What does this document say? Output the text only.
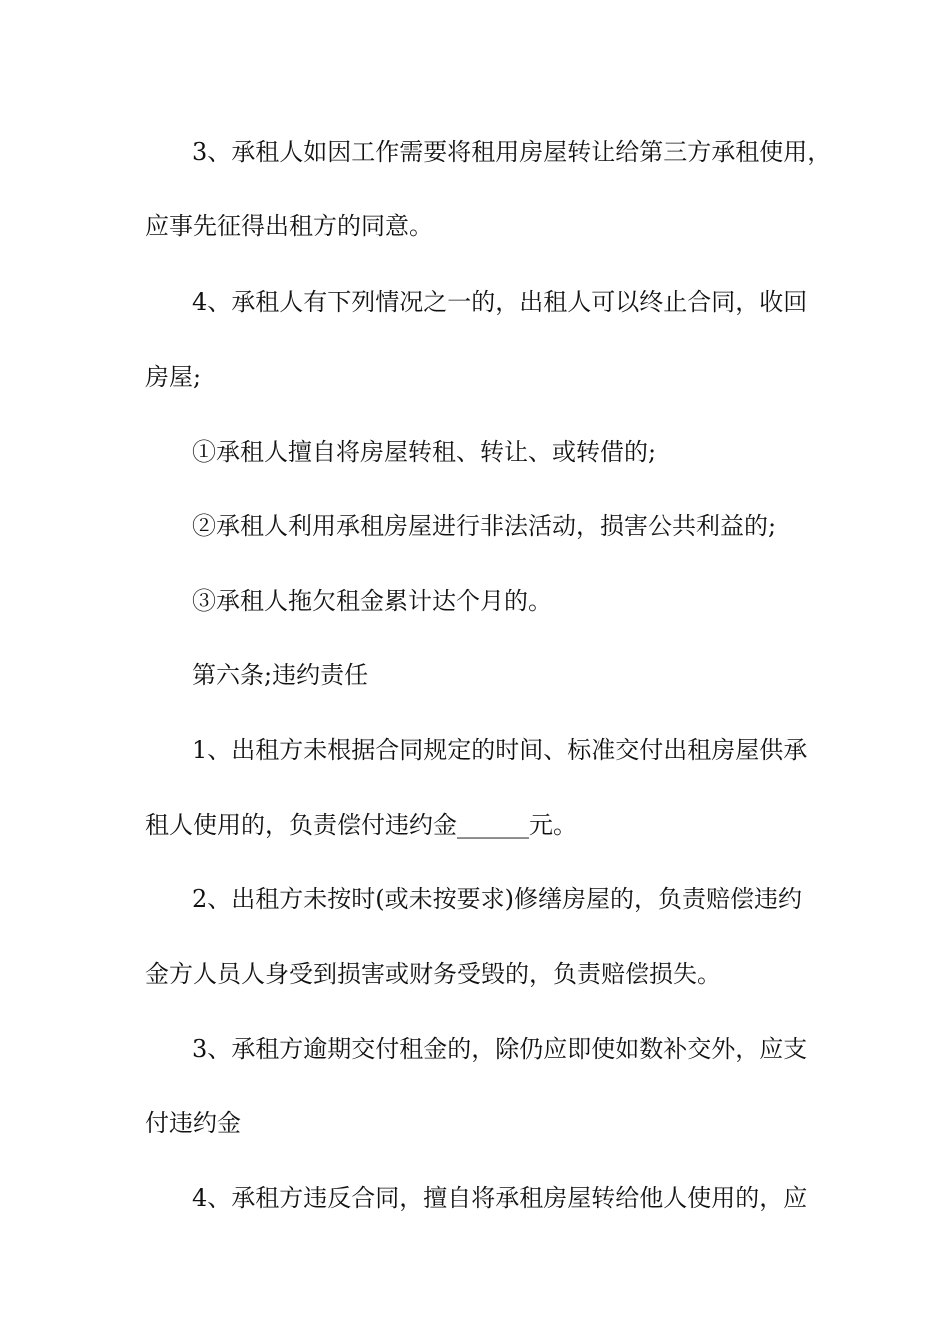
3、承租人如因工作需要将租用房屋转让给第三方承租使用，
应事先征得出租方的同意。
4、承租人有下列情况之一的，出租人可以终止合同，收回
房屋;
①承租人擅自将房屋转租、转让、或转借的;
②承租人利用承租房屋进行非法活动，损害公共利益的;
③承租人拖欠租金累计达个月的。
第六条;违约责任
1、出租方未根据合同规定的时间、标准交付出租房屋供承
租人使用的，负责偿付违约金______元。
2、出租方未按时(或未按要求)修缮房屋的，负责赔偿违约
金方人员人身受到损害或财务受毁的，负责赔偿损失。
3、承租方逾期交付租金的，除仍应即使如数补交外，应支
付违约金
4、承租方违反合同，擅自将承租房屋转给他人使用的，应
